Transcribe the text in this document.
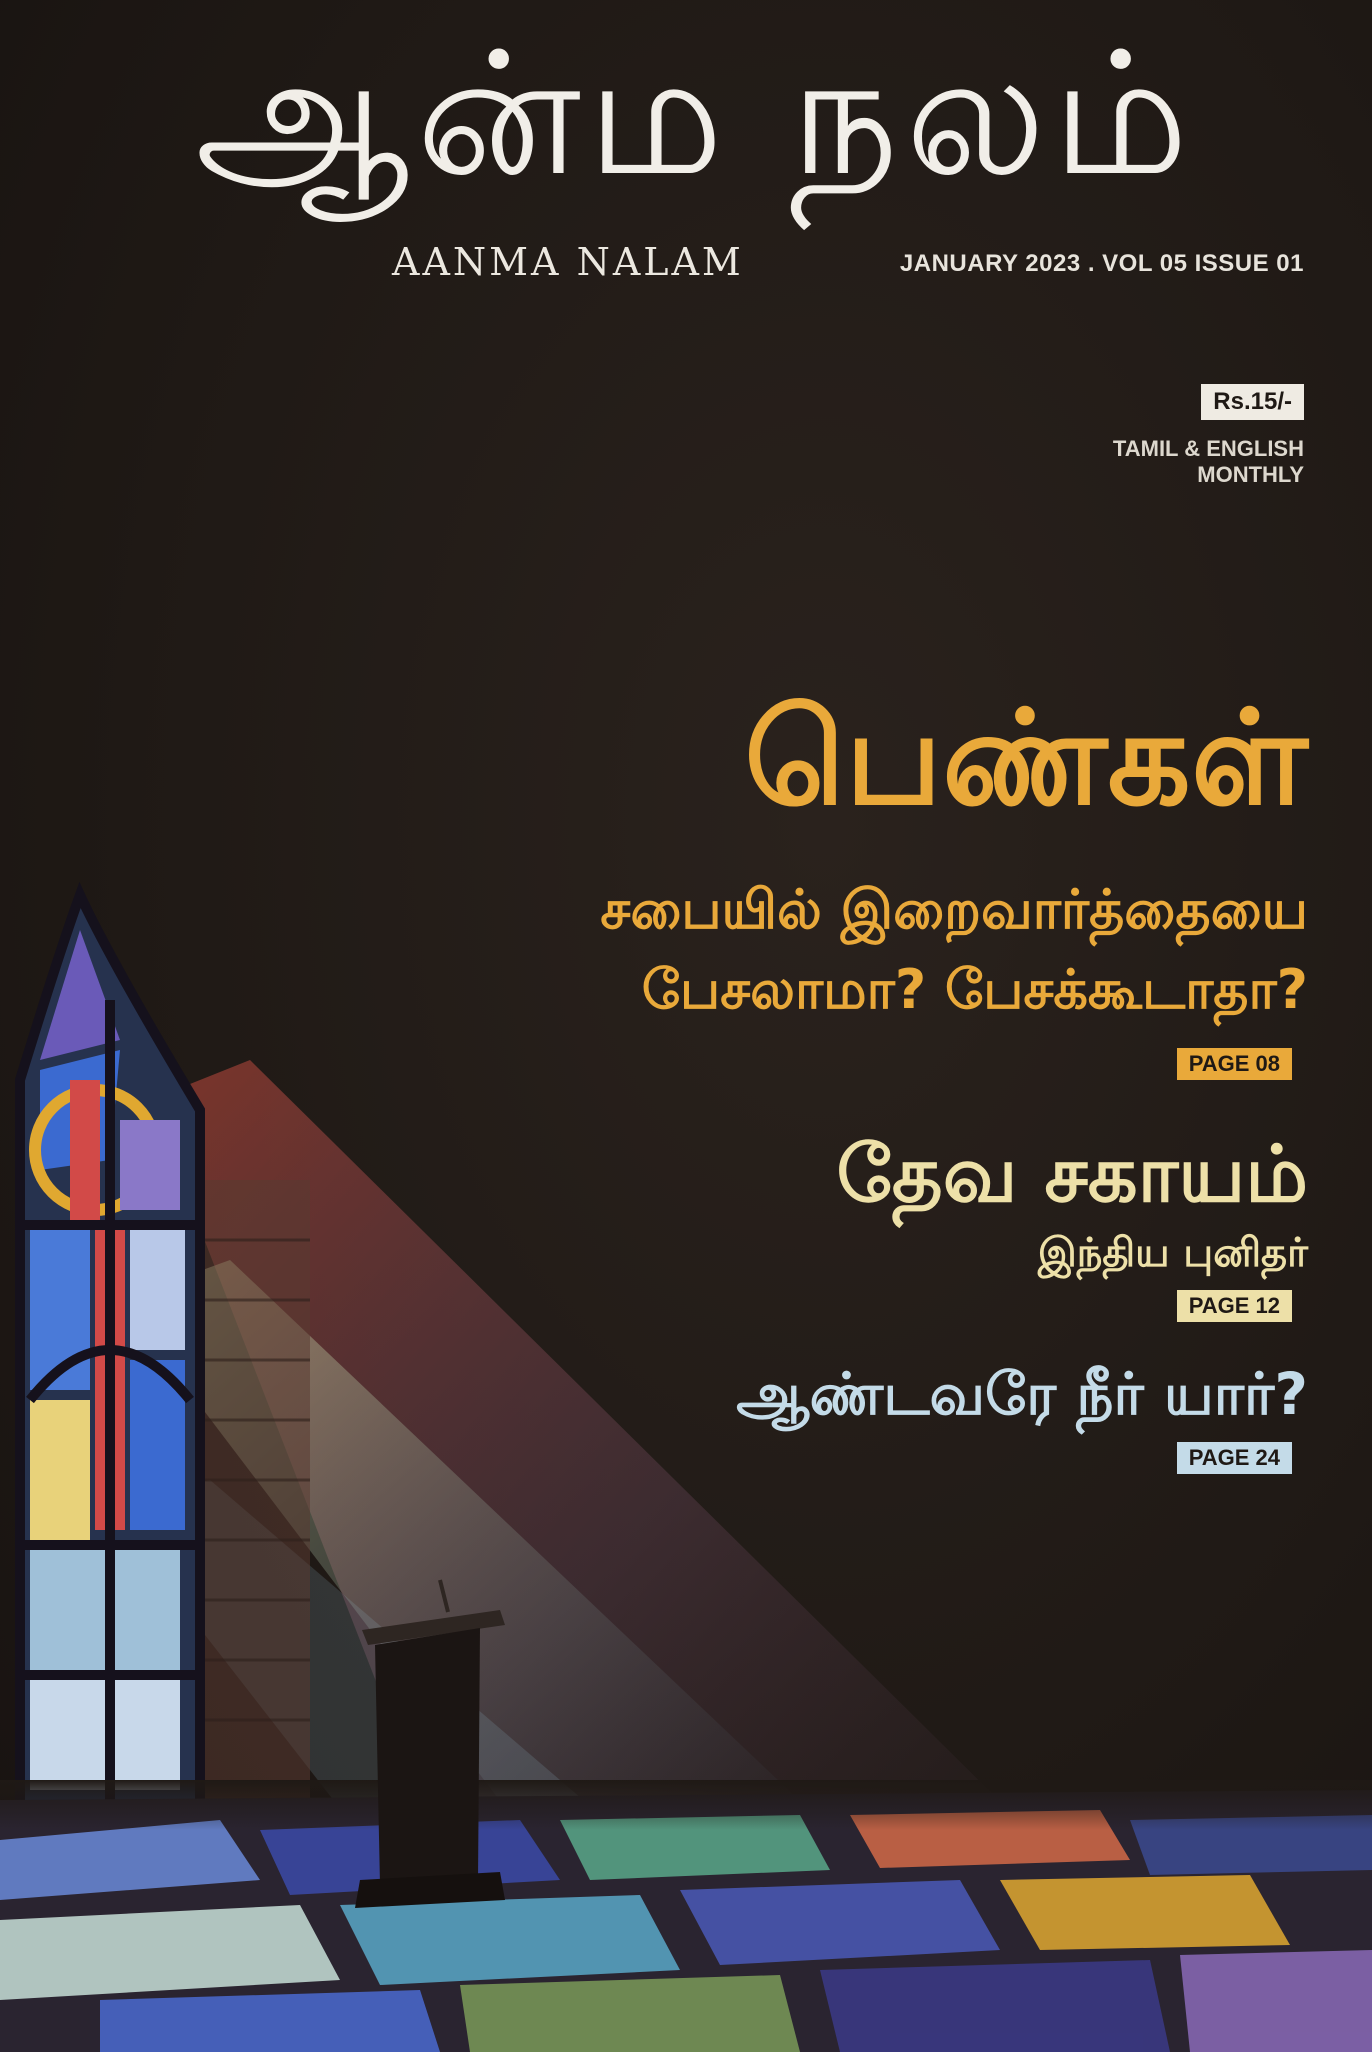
ஆன்ம நலம்
AANMA NALAM	JANUARY 2023 . VOL 05 ISSUE 01
Rs.15/-
TAMIL & ENGLISH
MONTHLY
பெண்கள்
சபையில் இறைவார்த்தையை
பேசலாமா? பேசக்கூடாதா?
PAGE 08
தேவ சகாயம்
இந்திய புனிதர்
PAGE 12
ஆண்டவரே நீர் யார்?
PAGE 24
